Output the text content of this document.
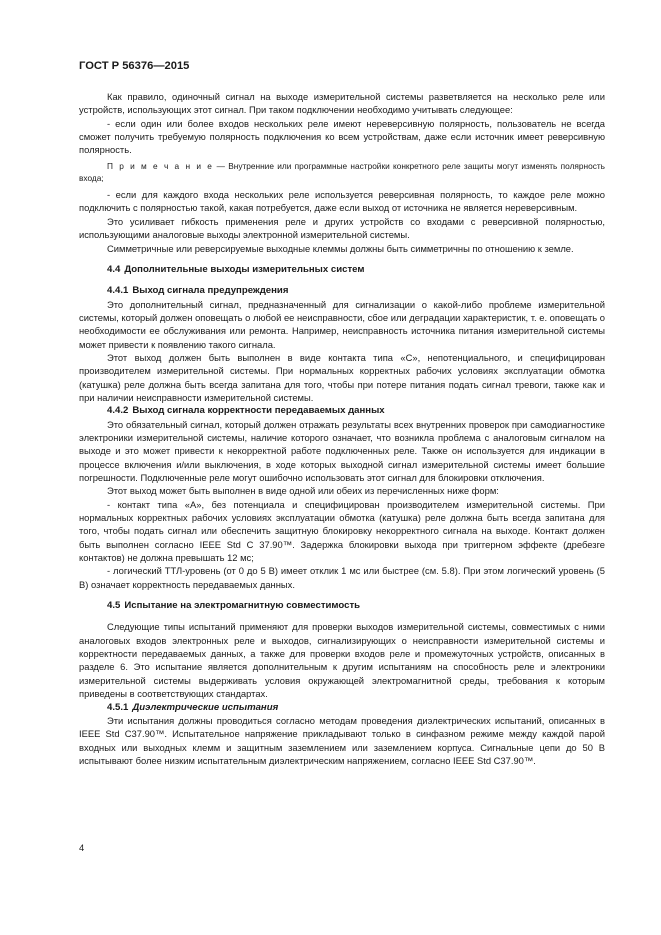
ГОСТ Р 56376—2015

Как правило, одиночный сигнал на выходе измерительной системы разветвляется на несколько реле или устройств, использующих этот сигнал. При таком подключении необходимо учитывать следующее:

- если один или более входов нескольких реле имеют нереверсивную полярность, пользователь не всегда сможет получить требуемую полярность подключения ко всем устройствам, даже если источник имеет реверсивную полярность.

П р и м е ч а н и е — Внутренние или программные настройки конкретного реле защиты могут изменять полярность входа;

- если для каждого входа нескольких реле используется реверсивная полярность, то каждое реле можно подключить с полярностью такой, какая потребуется, даже если выход от источника не является нереверсивным.

Это усиливает гибкость применения реле и других устройств со входами с реверсивной полярностью, использующими аналоговые выходы электронной измерительной системы.

Симметричные или реверсируемые выходные клеммы должны быть симметричны по отношению к земле.

4.4 Дополнительные выходы измерительных систем
4.4.1 Выход сигнала предупреждения

Это дополнительный сигнал, предназначенный для сигнализации о какой-либо проблеме измерительной системы, который должен оповещать о любой ее неисправности, сбое или деградации характеристик, т. е. оповещать о необходимости ее обслуживания или ремонта. Например, неисправность источника питания измерительной системы может привести к появлению такого сигнала.

Этот выход должен быть выполнен в виде контакта типа «С», непотенциального, и специфицирован производителем измерительной системы. При нормальных корректных рабочих условиях эксплуатации обмотка (катушка) реле должна быть всегда запитана для того, чтобы при потере питания подать сигнал тревоги, также как и при наличии неисправности измерительной системы.

4.4.2 Выход сигнала корректности передаваемых данных

Это обязательный сигнал, который должен отражать результаты всех внутренних проверок при самодиагностике электроники измерительной системы, наличие которого означает, что возникла проблема с аналоговым сигналом на выходе и это может привести к некорректной работе подключенных реле. Также он используется для индикации в процессе включения и/или выключения, в ходе которых выходной сигнал измерительной системы имеет большие погрешности. Подключенные реле могут ошибочно использовать этот сигнал для блокировки отключения.

Этот выход может быть выполнен в виде одной или обеих из перечисленных ниже форм:

- контакт типа «А», без потенциала и специфицирован производителем измерительной системы. При нормальных корректных рабочих условиях эксплуатации обмотка (катушка) реле должна быть всегда запитана для того, чтобы подать сигнал или обеспечить защитную блокировку некорректного сигнала на выходе. Контакт должен быть выполнен согласно IEEE Std C 37.90™. Задержка блокировки выхода при триггерном эффекте (дребезге контактов) не должна превышать 12 мс;

- логический ТТЛ-уровень (от 0 до 5 В) имеет отклик 1 мс или быстрее (см. 5.8). При этом логический уровень (5 В) означает корректность передаваемых данных.

4.5 Испытание на электромагнитную совместимость

Следующие типы испытаний применяют для проверки выходов измерительной системы, совместимых с ними аналоговых входов электронных реле и выходов, сигнализирующих о неисправности измерительной системы и корректности передаваемых данных, а также для проверки входов реле и промежуточных устройств, описанных в разделе 6. Это испытание является дополнительным к другим испытаниям на способность реле и электроники измерительной системы выдерживать условия окружающей электромагнитной среды, требования к которым приведены в соответствующих стандартах.

4.5.1 Диэлектрические испытания

Эти испытания должны проводиться согласно методам проведения диэлектрических испытаний, описанных в IEEE Std C37.90™. Испытательное напряжение прикладывают только в синфазном режиме между каждой парой входных или выходных клемм и защитным заземлением или заземлением корпуса. Сигнальные цепи до 50 В испытывают более низким испытательным диэлектрическим напряжением, согласно IEEE Std C37.90™.

4
